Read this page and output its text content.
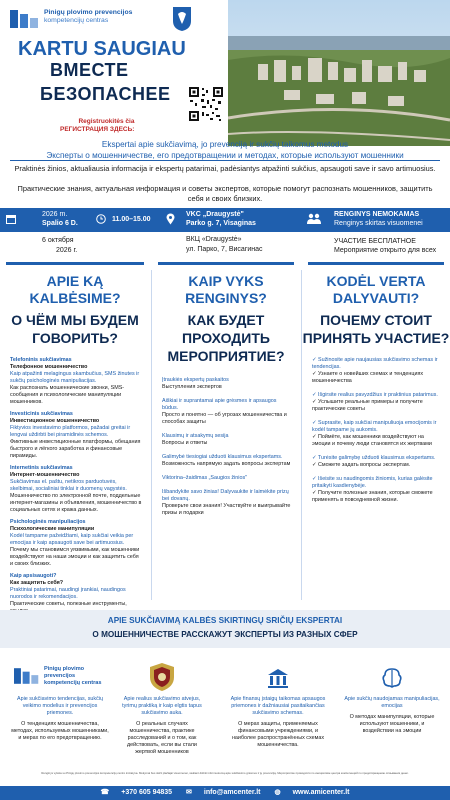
Pinigų plovimo prevencijos
kompetencijų centras
KARTU SAUGIAU
ВМЕСТЕ
БЕЗОПАСНЕЕ
Registruokitės čia
РЕГИСТРАЦИЯ ЗДЕСЬ:
Ekspertai apie sukčiavimą, jo prevenciją ir sukčių taikomus metodus
Эксперты о мошенничестве, его предотвращении и методах, которые используют мошенники
Praktinės žinios, aktualiausia informacija ir ekspertų patarimai, padėsiantys atpažinti sukčius, apsaugoti save ir savo artimuosius.
Практические знания, актуальная информация и советы экспертов, которые помогут распознать мошенников, защитить себя и своих близких.
2026 m.
Spalio 6 D.
11.00–15.00
VKC „Draugystė"
Parko g. 7, Visaginas
RENGINYS NEMOKAMAS
Renginys skirtas visuomenei
6 октября
2026 г.
ВКЦ «Draugystė»
ул. Парко, 7, Висагинас
УЧАСТИЕ БЕСПЛАТНОЕ
Мероприятие открыто для всех
APIE KĄ KALBĖSIME?
О ЧЁМ МЫ БУДЕМ ГОВОРИТЬ?
Telefoninis sukčiavimas
Телефонное мошенничество
Kaip atpažinti melagingus skambučius, SMS žinutes ir sukčių psichologinės manipuliacijas.
Как распознать мошеннические звонки, SMS-сообщения и психологические манипуляции мошенников.
Investicinis sukčiavimas
Инвестиционное мошенничество
Fiktyvios investavimo platformos, pažadai greitai ir lengvai uždirbti bei piramidinės schemos.
Фиктивные инвестиционные платформы, обещания быстрого и лёгкого заработка и финансовые пирамиды.
Internetinis sukčiavimas
Интернет-мошенничество
Sukčiavimas el. paštu, netikros parduotuvės, skelbimai, socialiniai tinklai ir duomenų vagystės.
Мошенничество по электронной почте, поддельные интернет-магазины и объявления, мошенничество в социальных сетях и кража данных.
Psichologinės manipuliacijos
Психологические манипуляции
Kodėl tampame pažeidžiami, kaip sukčiai veikia per emocijas ir kaip apsaugoti save bei artimuosius.
Почему мы становимся уязвимыми, как мошенники воздействуют на наши эмоции и как защитить себя и своих близких.
Kaip apsisaugoti?
Как защитить себя?
Praktiniai patarimai, naudingi įrankiai, naudingos nuorodos ir rekomendacijos.
Практические советы, полезные инструменты,
KAIP VYKS RENGINYS?
КАК БУДЕТ ПРОХОДИТЬ МЕРОПРИЯТИЕ?
Įtraukiės ekspertų paskaitos
Выступления экспертов
Aiškiai ir suprantamai apie grėsmes ir apsaugos būdus.
Просто и понятно — об угрозах мошенничества и способах защиты
Klausimų ir atsakymų sesija
Вопросы и ответы
Galimybė tiesiogiai užduoti klausimus ekspertams.
Возможность напрямую задать вопросы экспертам
Viktorina–žaidimas „Saugios žinios"
Išbandykite savo žinias! Dalyvaukite ir laimėkite prizų bei dovanų.
Проверьте свои знания! Участвуйте и выигрывайте призы и подарки
KODĖL VERTA DALYVAUTI?
ПОЧЕМУ СТОИТ ПРИНЯТЬ УЧАСТИЕ?
✓ Sužinosite apie naujausias sukčiavimo schemas ir tendencijas.
✓ Узнаете о новейших схемах и тенденциях мошенничества
✓ Išgirsite realius pavyzdžius ir praktinius patarimus.
✓ Услышите реальные примеры и получите практические советы
✓ Suprasite, kaip sukčiai manipuliuoja emocijomis ir kodėl tampame jų aukomis.
✓ Поймёте, как мошенники воздействуют на эмоции и почему люди становятся их жертвами
✓ Turėsite galimybę užduoti klausimus ekspertams.
✓ Сможете задать вопросы экспертам.
✓ Išeisite su naudingomis žiniomis, kurias galėsite pritaikyti kasdienybėje.
✓ Получите полезные знания, которые сможете применять в повседневной жизни.
APIE SUKČIAVIMĄ KALBĖS SKIRTINGŲ SRIČIŲ EKSPERTAI
О МОШЕННИЧЕСТВЕ РАССКАЖУТ ЭКСПЕРТЫ ИЗ РАЗНЫХ СФЕР
Pinigų plovimo prevencijos
kompetencijų centras
Apie sukčiavimo tendencijas, sukčių veikimo modelius ir prevencijos priemones.
О тенденциях мошенничества, методах, используемых мошенниками, и мерах по его предотвращению.
Apie realius sukčiavimo atvejus, tyrimų praktiką ir kaip elgtis tapus sukčiavimo auka.
О реальных случаях мошенничества, практике расследований и о том, как действовать, если вы стали жертвой мошенников
Apie finansų įstaigų taikomas apsaugos priemones ir dažniausiai pasitaikančias sukčiavimo schemas.
О мерах защиты, применяемых финансовыми учреждениями, и наиболее распространённых схемах мошенничества.
Apie sukčių naudojamas manipuliacijas, emocijas
О методах манипуляции, которые используют мошенники, и воздействии на эмоции
Renginys vyksta su Pinigų plovimo prevencijos kompetencijų centro iniciatyva. Mokymai bus skirti plačiajai visuomenei, siekiant didinti informuotumą apie sukčiavimo grėsmes ir jų prevenciją. Mероприятие проводится по инициативе центра компетенций по предотвращению отмывания денег.
☎ +370 605 94835 ✉ info@amcenter.lt ◍ www.amicenter.lt
